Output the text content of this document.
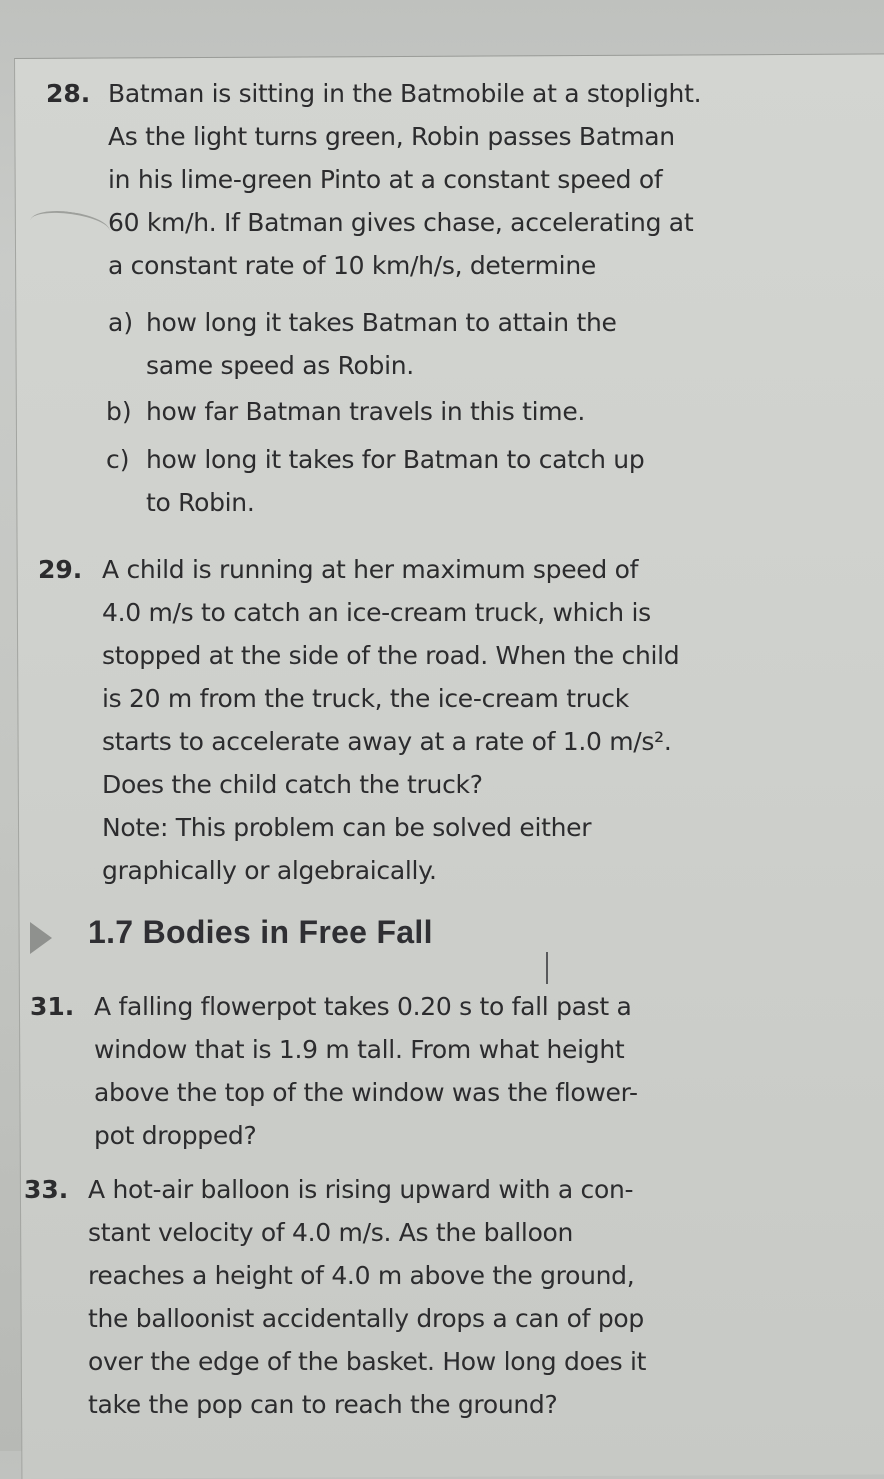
28. Batman is sitting in the Batmobile at a stoplight.
As the light turns green, Robin passes Batman
in his lime-green Pinto at a constant speed of
60 km/h. If Batman gives chase, accelerating at
a constant rate of 10 km/h/s, determine
a) how long it takes Batman to attain the
same speed as Robin.
b) how far Batman travels in this time.
c) how long it takes for Batman to catch up
to Robin.
29. A child is running at her maximum speed of
4.0 m/s to catch an ice-cream truck, which is
stopped at the side of the road. When the child
is 20 m from the truck, the ice-cream truck
starts to accelerate away at a rate of 1.0 m/s².
Does the child catch the truck?
Note: This problem can be solved either
graphically or algebraically.
1.7 Bodies in Free Fall
31. A falling flowerpot takes 0.20 s to fall past a
window that is 1.9 m tall. From what height
above the top of the window was the flower-
pot dropped?
33. A hot-air balloon is rising upward with a con-
stant velocity of 4.0 m/s. As the balloon
reaches a height of 4.0 m above the ground,
the balloonist accidentally drops a can of pop
over the edge of the basket. How long does it
take the pop can to reach the ground?
